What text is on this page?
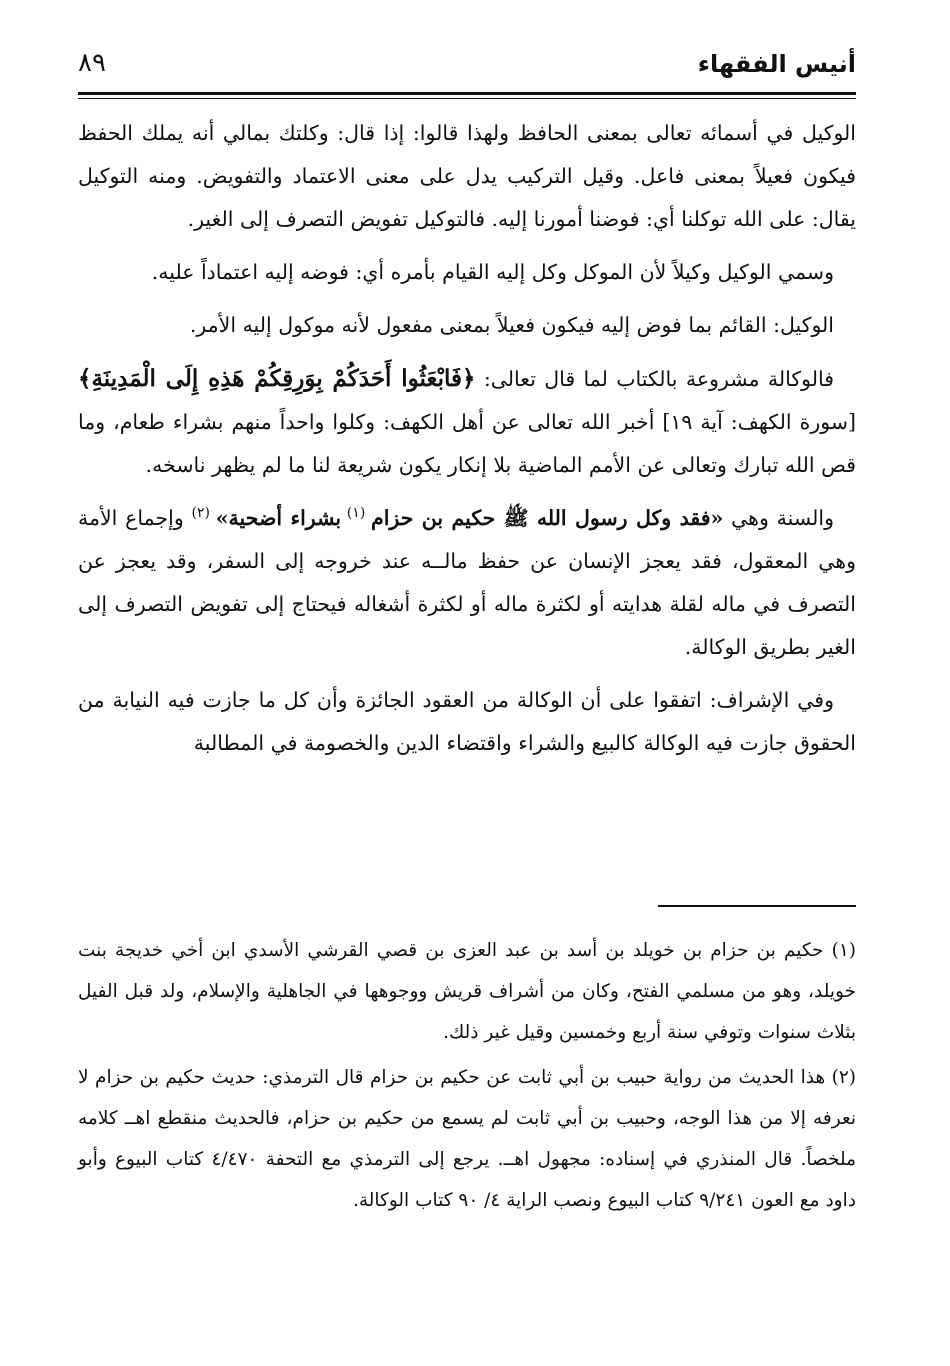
أنيس الفقهاء
٨٩

الوكيل في أسمائه تعالى بمعنى الحافظ ولهذا قالوا: إذا قال: وكلتك بمالي أنه يملك الحفظ فيكون فعيلاً بمعنى فاعل. وقيل التركيب يدل على معنى الاعتماد والتفويض. ومنه التوكيل يقال: على الله توكلنا أي: فوضنا أمورنا إليه. فالتوكيل تفويض التصرف إلى الغير.

وسمي الوكيل وكيلاً لأن الموكل وكل إليه القيام بأمره أي: فوضه إليه اعتماداً عليه.

الوكيل: القائم بما فوض إليه فيكون فعيلاً بمعنى مفعول لأنه موكول إليه الأمر.

فالوكالة مشروعة بالكتاب لما قال تعالى: ﴿فَابْعَثُوا أَحَدَكُمْ بِوَرِقِكُمْ هَذِهِ إِلَى الْمَدِينَةِ﴾ [سورة الكهف: آية ١٩] أخبر الله تعالى عن أهل الكهف: وكلوا واحداً منهم بشراء طعام، وما قص الله تبارك وتعالى عن الأمم الماضية بلا إنكار يكون شريعة لنا ما لم يظهر ناسخه.

والسنة وهي «فقد وكل رسول الله ﷺ حكيم بن حزام $^{(١)}$ بشراء أضحية» $^{(٢)}$ وإجماع الأمة وهي المعقول، فقد يعجز الإنسان عن حفظ مالــه عند خروجه إلى السفر، وقد يعجز عن التصرف في ماله لقلة هدايته أو لكثرة ماله أو لكثرة أشغاله فيحتاج إلى تفويض التصرف إلى الغير بطريق الوكالة.

وفي الإشراف: اتفقوا على أن الوكالة من العقود الجائزة وأن كل ما جازت فيه النيابة من الحقوق جازت فيه الوكالة كالبيع والشراء واقتضاء الدين والخصومة في المطالبة

(١) حكيم بن حزام بن خويلد بن أسد بن عبد العزى بن قصي القرشي الأسدي ابن أخي خديجة بنت خويلد، وهو من مسلمي الفتح، وكان من أشراف قريش ووجوهها في الجاهلية والإسلام، ولد قبل الفيل بثلاث سنوات وتوفي سنة أربع وخمسين وقيل غير ذلك.

(٢) هذا الحديث من رواية حبيب بن أبي ثابت عن حكيم بن حزام قال الترمذي: حديث حكيم بن حزام لا نعرفه إلا من هذا الوجه، وحبيب بن أبي ثابت لم يسمع من حكيم بن حزام، فالحديث منقطع اهــ كلامه ملخصاً. قال المنذري في إسناده: مجهول اهــ. يرجع إلى الترمذي مع التحفة ٤/٤٧٠ كتاب البيوع وأبو داود مع العون ٩/٢٤١ كتاب البيوع ونصب الراية ٤/ ٩٠ كتاب الوكالة.
